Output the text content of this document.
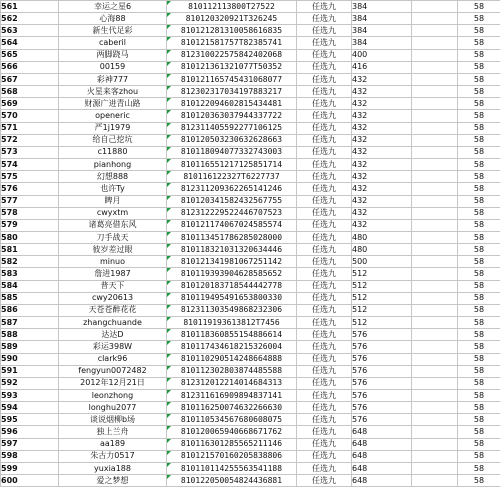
561	幸运之星6	810112113800T27522	任选九	384		58
562	心海88	810120320921T326245	任选九	384		58
563	新生代足彩	810121281310058616835	任选九	384		58
564	caberil	810121581757T82385741	任选九	384		58
565	两脚跷马	812310022575842402068	任选九	400		58
566	00159	810121361321077T50352	任选九	416		58
567	彩神777	810121165745431068077	任选九	432		58
568	火星来客zhou	812302317034197883217	任选九	432		58
569	财源广进青山路	810122094602815434481	任选九	432		58
570	openeric	810120363037944337722	任选九	432		58
571	严1j1979	812311405592277106125	任选九	432		58
572	给自己挖坑	810120503230632628663	任选九	432		58
573	c11880	810118094077332743003	任选九	432		58
574	pianhong	810116551217125851714	任选九	432		58
575	幻想888	810116122327T6227737	任选九	432		58
576	也许Ty	812311209362265141246	任选九	432		58
577	睥月	810120341582432567755	任选九	432		58
578	cwyxtm	812312229522446707523	任选九	432		58
579	诸葛亮借东风	810121174067024585574	任选九	432		58
580	刀手战天	810113451786285028000	任选九	480		58
581	彼岁差过眼	810118321031320634446	任选九	480		58
582	minuo	810121341981067251142	任选九	500		58
583	詹进1987	810119393904628585652	任选九	512		58
584	普天下	810120183718544442778	任选九	512		58
585	cwy20613	810119495491653800330	任选九	512		58
586	天苍苍醉花花	812311303549868232306	任选九	512		58
587	zhangchuande	810119193613812T7456	任选九	512		58
588	达达D	810118360855154886614	任选九	576		58
589	彩运398W	810117434618215326004	任选九	576		58
590	clark96	810110290514248664888	任选九	576		58
591	fengyun0072482	810112302803874485588	任选九	576		58
592	2012年12月21日	812312012214014684313	任选九	576		58
593	leonzhong	812311616909894837141	任选九	576		58
594	longhu2077	810116250074632266630	任选九	576		58
595	谈说烟柳b场	810110534567680608075	任选九	576		58
596	独上兰舟	810120065940668671762	任选九	648		58
597	aa189	810116301285565211146	任选九	648		58
598	朱古力0517	810121570160205838806	任选九	648		58
599	yuxia188	810110114255563541188	任选九	648		58
600	爱之梦想	810122050054824436881	任选九	648		58
